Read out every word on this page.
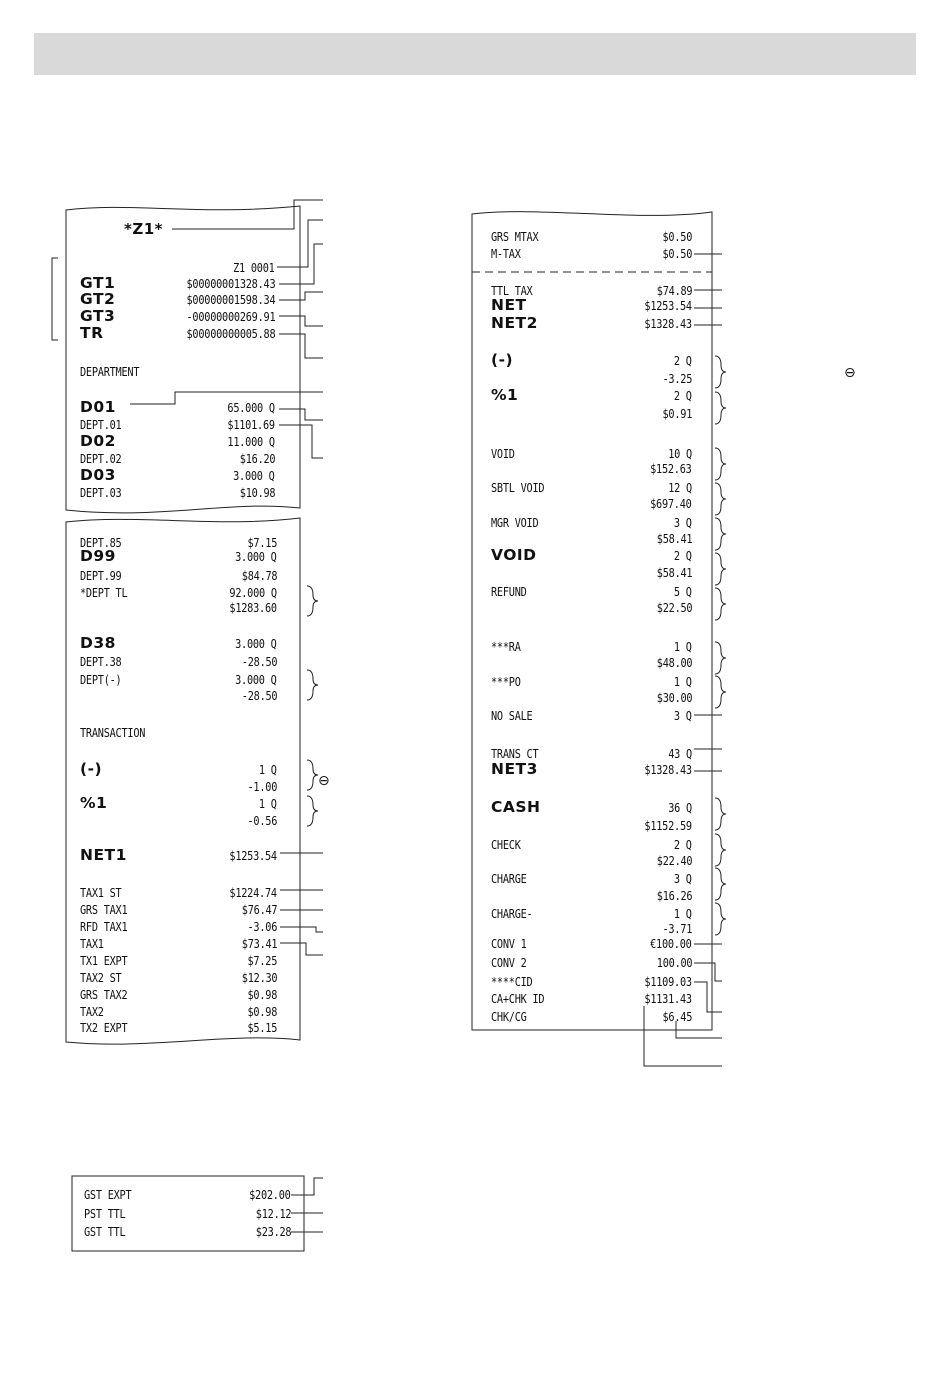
⊖
⊖
*Z1*
Z1 0001
GT1	$00000001328.43
GT2	$00000001598.34
GT3	-00000000269.91
TR	$00000000005.88
DEPARTMENT
D01	65.000 Q
DEPT.01	$1101.69
D02	11.000 Q
DEPT.02	$16.20
D03	3.000 Q
DEPT.03	$10.98
DEPT.85	$7.15
D99	3.000 Q
DEPT.99	$84.78
*DEPT TL	92.000 Q
$1283.60
D38	3.000 Q
DEPT.38	-28.50
DEPT(-)	3.000 Q
-28.50
TRANSACTION
(-)	1 Q
-1.00
%1	1 Q
-0.56
NET1	$1253.54
TAX1 ST	$1224.74
GRS TAX1	$76.47
RFD TAX1	-3.06
TAX1	$73.41
TX1 EXPT	$7.25
TAX2 ST	$12.30
GRS TAX2	$0.98
TAX2	$0.98
TX2 EXPT	$5.15
GST EXPT	$202.00
PST TTL	$12.12
GST TTL	$23.28
GRS MTAX	$0.50
M-TAX	$0.50
TTL TAX	$74.89
NET	$1253.54
NET2	$1328.43
(-)	2 Q
-3.25
%1	2 Q
$0.91
VOID	10 Q
$152.63
SBTL VOID	12 Q
$697.40
MGR VOID	3 Q
$58.41
VOID	2 Q
$58.41
REFUND	5 Q
$22.50
***RA	1 Q
$48.00
***PO	1 Q
$30.00
NO SALE	3 Q
TRANS CT	43 Q
NET3	$1328.43
CASH	36 Q
$1152.59
CHECK	2 Q
$22.40
CHARGE	3 Q
$16.26
CHARGE-	1 Q
-3.71
CONV 1	€100.00
CONV 2	100.00
****CID	$1109.03
CA+CHK ID	$1131.43
CHK/CG	$6.45
